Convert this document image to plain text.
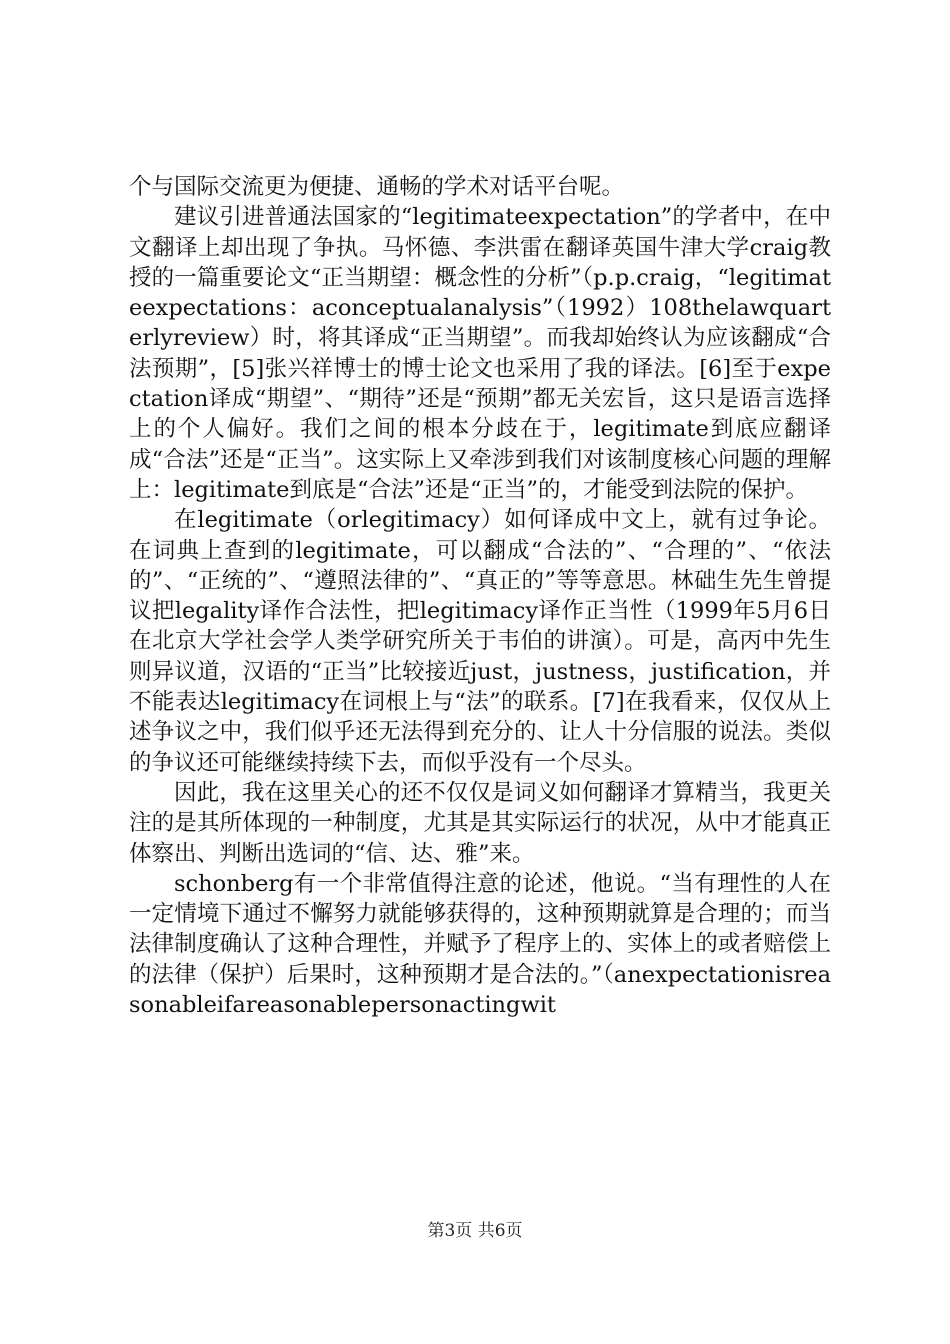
个与国际交流更为便捷、通畅的学术对话平台呢。

建议引进普通法国家的“legitimateexpectation”的学者中，在中文翻译上却出现了争执。马怀德、李洪雷在翻译英国牛津大学craig教授的一篇重要论文“正当期望：概念性的分析”（p.p.craig，“legitimateexpectations：aconceptualanalysis”（1992）108thelawquarterlyreview）时，将其译成“正当期望”。而我却始终认为应该翻成“合法预期”，[5]张兴祥博士的博士论文也采用了我的译法。[6]至于expectation译成“期望”、“期待”还是“预期”都无关宏旨，这只是语言选择上的个人偏好。我们之间的根本分歧在于，legitimate到底应翻译成“合法”还是“正当”。这实际上又牵涉到我们对该制度核心问题的理解上：legitimate到底是“合法”还是“正当”的，才能受到法院的保护。

在legitimate（orlegitimacy）如何译成中文上，就有过争论。在词典上查到的legitimate，可以翻成“合法的”、“合理的”、“依法的”、“正统的”、“遵照法律的”、“真正的”等等意思。林础生先生曾提议把legality译作合法性，把legitimacy译作正当性（1999年5月6日在北京大学社会学人类学研究所关于韦伯的讲演）。可是，高丙中先生则异议道，汉语的“正当”比较接近just，justness，justification，并不能表达legitimacy在词根上与“法”的联系。[7]在我看来，仅仅从上述争议之中，我们似乎还无法得到充分的、让人十分信服的说法。类似的争议还可能继续持续下去，而似乎没有一个尽头。

因此，我在这里关心的还不仅仅是词义如何翻译才算精当，我更关注的是其所体现的一种制度，尤其是其实际运行的状况，从中才能真正体察出、判断出选词的“信、达、雅”来。

schonberg有一个非常值得注意的论述，他说。“当有理性的人在一定情境下通过不懈努力就能够获得的，这种预期就算是合理的；而当法律制度确认了这种合理性，并赋予了程序上的、实体上的或者赔偿上的法律（保护）后果时，这种预期才是合法的。”（anexpectationisreasonableifareasonablepersonactingwit

第3页 共6页
